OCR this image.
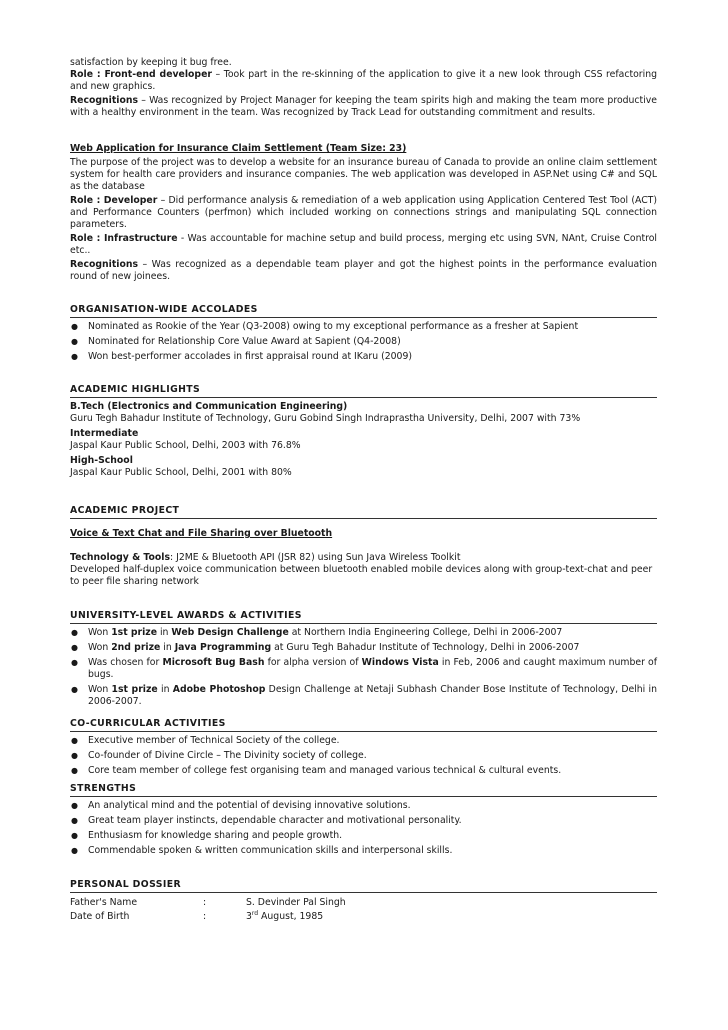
satisfaction by keeping it bug free.

Role : Front-end developer – Took part in the re-skinning of the application to give it a new look through CSS refactoring and new graphics.

Recognitions – Was recognized by Project Manager for keeping the team spirits high and making the team more productive with a healthy environment in the team. Was recognized by Track Lead for outstanding commitment and results.

Web Application for Insurance Claim Settlement (Team Size: 23)

The purpose of the project was to develop a website for an insurance bureau of Canada to provide an online claim settlement system for health care providers and insurance companies. The web application was developed in ASP.Net using C# and SQL as the database

Role : Developer – Did performance analysis & remediation of a web application using Application Centered Test Tool (ACT) and Performance Counters (perfmon) which included working on connections strings and manipulating SQL connection parameters.

Role : Infrastructure - Was accountable for machine setup and build process, merging etc using SVN, NAnt, Cruise Control etc..

Recognitions – Was recognized as a dependable team player and got the highest points in the performance evaluation round of new joinees.

ORGANISATION-WIDE ACCOLADES
● Nominated as Rookie of the Year (Q3-2008) owing to my exceptional performance as a fresher at Sapient
● Nominated for Relationship Core Value Award at Sapient (Q4-2008)
● Won best-performer accolades in first appraisal round at IKaru (2009)
ACADEMIC HIGHLIGHTS
B.Tech (Electronics and Communication Engineering)
Guru Tegh Bahadur Institute of Technology, Guru Gobind Singh Indraprastha University, Delhi, 2007 with 73%
Intermediate
Jaspal Kaur Public School, Delhi, 2003 with 76.8%
High-School
Jaspal Kaur Public School, Delhi, 2001 with 80%
ACADEMIC PROJECT

Voice & Text Chat and File Sharing over Bluetooth

Technology & Tools: J2ME & Bluetooth API (JSR 82) using Sun Java Wireless Toolkit

Developed half-duplex voice communication between bluetooth enabled mobile devices along with group-text-chat and peer to peer file sharing network

UNIVERSITY-LEVEL AWARDS & ACTIVITIES
● Won 1st prize in Web Design Challenge at Northern India Engineering College, Delhi in 2006-2007
● Won 2nd prize in Java Programming at Guru Tegh Bahadur Institute of Technology, Delhi in 2006-2007
● Was chosen for Microsoft Bug Bash for alpha version of Windows Vista in Feb, 2006 and caught maximum number of bugs.
● Won 1st prize in Adobe Photoshop Design Challenge at Netaji Subhash Chander Bose Institute of Technology, Delhi in 2006-2007.
CO-CURRICULAR ACTIVITIES
● Executive member of Technical Society of the college.
● Co-founder of Divine Circle – The Divinity society of college.
● Core team member of college fest organising team and managed various technical & cultural events.
STRENGTHS
● An analytical mind and the potential of devising innovative solutions.
● Great team player instincts, dependable character and motivational personality.
● Enthusiasm for knowledge sharing and people growth.
● Commendable spoken & written communication skills and interpersonal skills.
PERSONAL DOSSIER
Father's Name	:	S. Devinder Pal Singh
Date of Birth	:	3rd August, 1985
